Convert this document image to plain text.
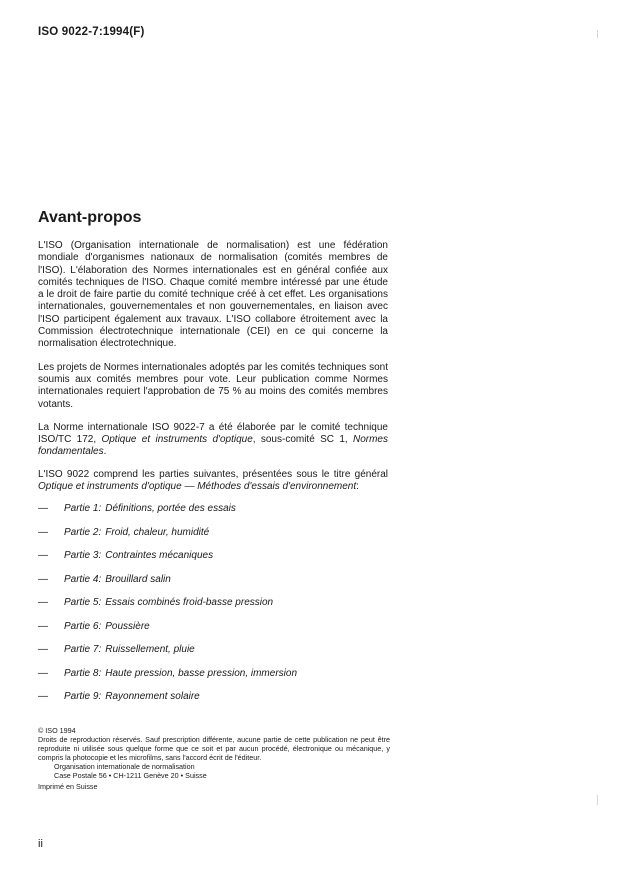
ISO 9022-7:1994(F)
Avant-propos

L'ISO (Organisation internationale de normalisation) est une fédération mondiale d'organismes nationaux de normalisation (comités membres de l'ISO). L'élaboration des Normes internationales est en général confiée aux comités techniques de l'ISO. Chaque comité membre intéressé par une étude a le droit de faire partie du comité technique créé à cet effet. Les organisations internationales, gouvernementales et non gouvernementales, en liaison avec l'ISO participent également aux travaux. L'ISO collabore étroitement avec la Commission électrotechnique internationale (CEI) en ce qui concerne la normalisation électrotechnique.

Les projets de Normes internationales adoptés par les comités techniques sont soumis aux comités membres pour vote. Leur publication comme Normes internationales requiert l'approbation de 75 % au moins des comités membres votants.

La Norme internationale ISO 9022-7 a été élaborée par le comité technique ISO/TC 172, Optique et instruments d'optique, sous-comité SC 1, Normes fondamentales.

L'ISO 9022 comprend les parties suivantes, présentées sous le titre général Optique et instruments d'optique — Méthodes d'essais d'environnement:

—	Partie 1: Définitions, portée des essais
—	Partie 2: Froid, chaleur, humidité
—	Partie 3: Contraintes mécaniques
—	Partie 4: Brouillard salin
—	Partie 5: Essais combinés froid-basse pression
—	Partie 6: Poussière
—	Partie 7: Ruissellement, pluie
—	Partie 8: Haute pression, basse pression, immersion
—	Partie 9: Rayonnement solaire

© ISO 1994

Droits de reproduction réservés. Sauf prescription différente, aucune partie de cette publication ne peut être reproduite ni utilisée sous quelque forme que ce soit et par aucun procédé, électronique ou mécanique, y compris la photocopie et les microfilms, sans l'accord écrit de l'éditeur.

Organisation internationale de normalisation

Case Postale 56 • CH-1211 Genève 20 • Suisse

Imprimé en Suisse

ii
